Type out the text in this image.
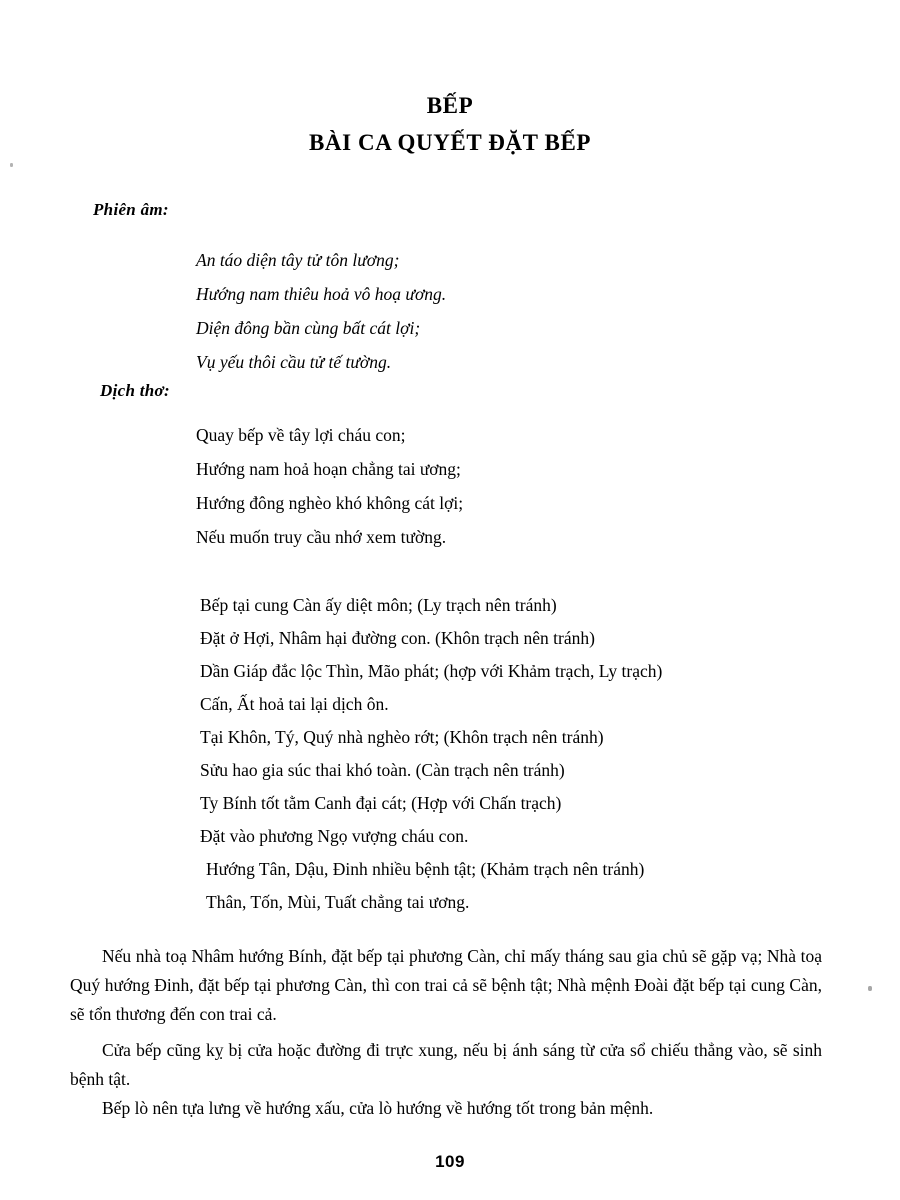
BẾP
BÀI CA QUYẾT ĐẶT BẾP
Phiên âm:
An táo diện tây tử tôn lương;
Hướng nam thiêu hoả vô hoạ ương.
Diện đông bần cùng bất cát lợi;
Vụ yếu thôi cầu tử tế tường.
Dịch thơ:
Quay bếp về tây lợi cháu con;
Hướng nam hoả hoạn chẳng tai ương;
Hướng đông nghèo khó không cát lợi;
Nếu muốn truy cầu nhớ xem tường.
Bếp tại cung Càn ấy diệt môn; (Ly trạch nên tránh)
Đặt ở Hợi, Nhâm hại đường con. (Khôn trạch nên tránh)
Dần Giáp đắc lộc Thìn, Mão phát; (hợp với Khảm trạch, Ly trạch)
Cấn, Ất hoả tai lại dịch ôn.
Tại Khôn, Tý, Quý nhà nghèo rớt; (Khôn trạch nên tránh)
Sửu hao gia súc thai khó toàn. (Càn trạch nên tránh)
Ty Bính tốt tằm Canh đại cát; (Hợp với Chấn trạch)
Đặt vào phương Ngọ vượng cháu con.
Hướng Tân, Dậu, Đinh nhiều bệnh tật; (Khảm trạch nên tránh)
Thân, Tốn, Mùi, Tuất chẳng tai ương.

Nếu nhà toạ Nhâm hướng Bính, đặt bếp tại phương Càn, chỉ mấy tháng sau gia chủ sẽ gặp vạ; Nhà toạ Quý hướng Đinh, đặt bếp tại phương Càn, thì con trai cả sẽ bệnh tật; Nhà mệnh Đoài đặt bếp tại cung Càn, sẽ tổn thương đến con trai cả.

Cửa bếp cũng kỵ bị cửa hoặc đường đi trực xung, nếu bị ánh sáng từ cửa sổ chiếu thẳng vào, sẽ sinh bệnh tật.

Bếp lò nên tựa lưng về hướng xấu, cửa lò hướng về hướng tốt trong bản mệnh.

109
